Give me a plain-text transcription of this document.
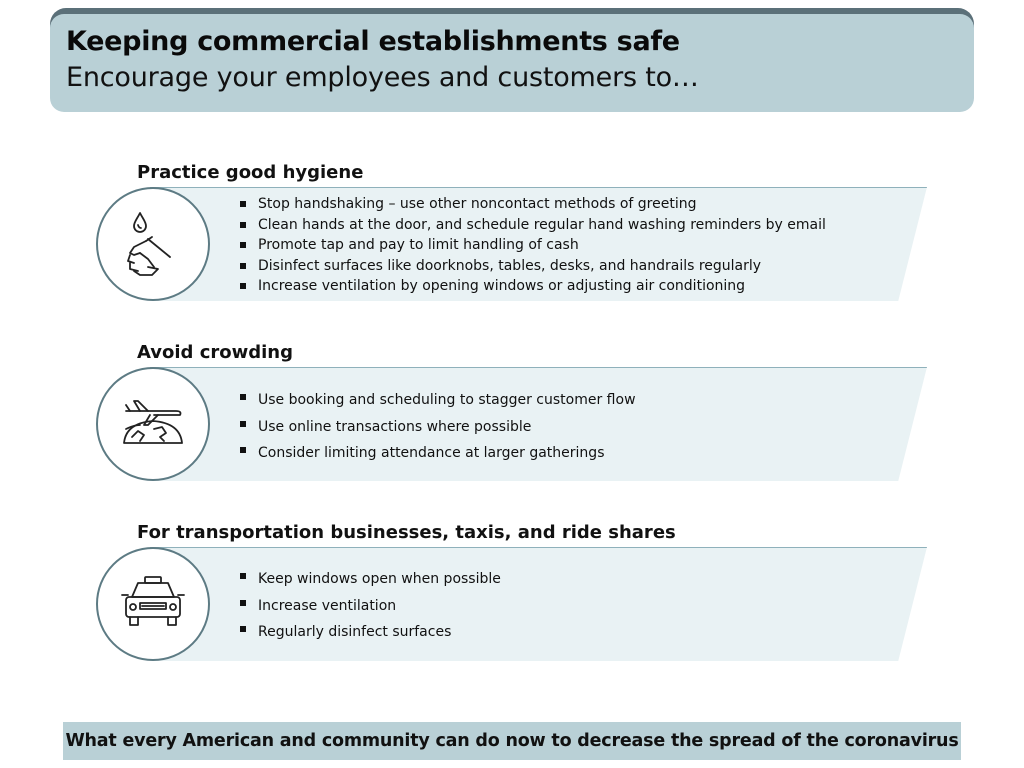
Keeping commercial establishments safe
Encourage your employees and customers to…
Practice good hygiene
Stop handshaking – use other noncontact methods of greeting
Clean hands at the door, and schedule regular hand washing reminders by email
Promote tap and pay to limit handling of cash
Disinfect surfaces like doorknobs, tables, desks, and handrails regularly
Increase ventilation by opening windows or adjusting air conditioning
Avoid crowding
Use booking and scheduling to stagger customer flow
Use online transactions where possible
Consider limiting attendance at larger gatherings
For transportation businesses, taxis, and ride shares
Keep windows open when possible
Increase ventilation
Regularly disinfect surfaces
What every American and community can do now to decrease the spread of the coronavirus
